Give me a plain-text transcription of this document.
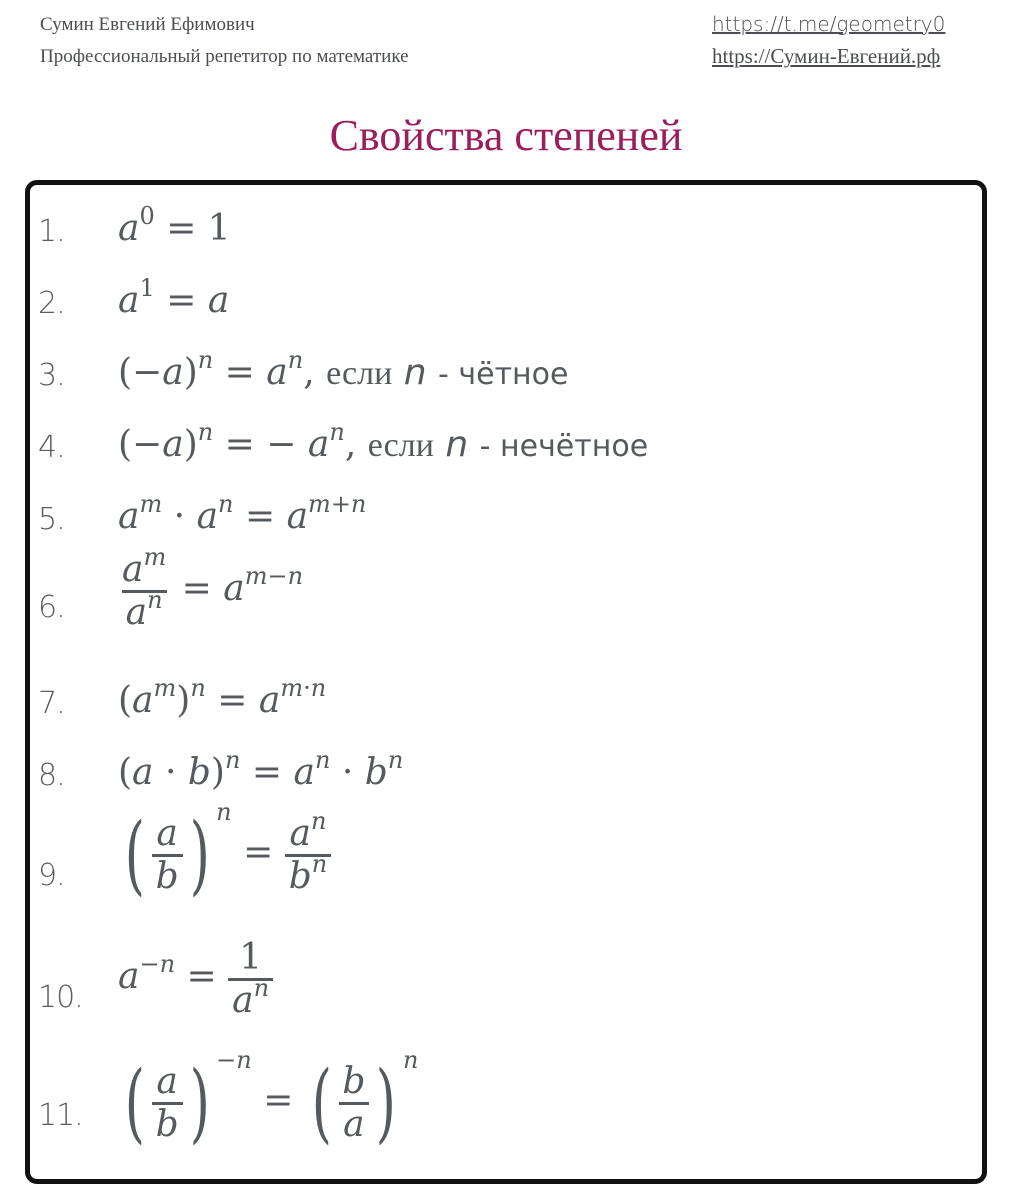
Сумин Евгений Ефимович
Профессиональный репетитор по математике
https://t.me/geometry0
https://Сумин-Евгений.рф
Свойства степеней
1. $a^0 = 1$
2. $a^1 = a$
3. $(-a)^n = a^n$, если n - чётное
4. $(-a)^n$ = − $a^n$, если n - нечётное
5. $a^m \cdot a^n = a^{m+n}$
6. $\frac{a^m}{a^n} = a^{m-n}$
7. $(a^m)^n = a^{m\cdot n}$
8. $(a \cdot b)^n = a^n \cdot b^n$
9. ( $\frac{a}{b}$ ) $^n = \frac{a^n}{b^n}$
10.
$a^{-n} = \frac{1}{a^n}$
11. ( $\frac{a}{b}$ ) $^{-n}$ = ( $\frac{b}{a}$ ) $^n$
